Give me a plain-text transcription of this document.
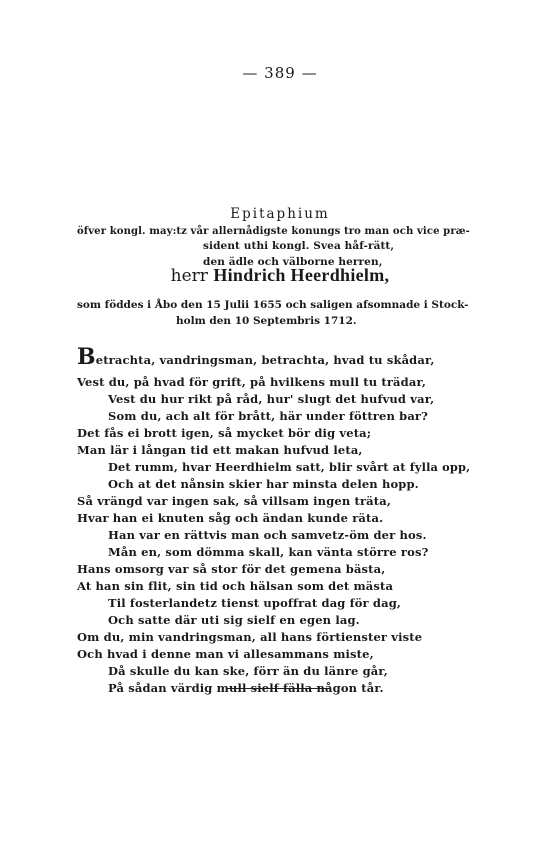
— 389 —
Epitaphium
öfver kongl. may:tz vår allernådigste konungs tro man och vice præ-
sident uthi kongl. Svea håf-rätt,
den ädle och välborne herren,
herr Hindrich Heerdhielm,
som föddes i Åbo den 15 Julii 1655 och saligen afsomnade i Stock-
holm den 10 Septembris 1712.
Betrachta, vandringsman, betrachta, hvad tu skådar,
Vest du, på hvad för grift, på hvilkens mull tu trädar,
Vest du hur rikt på råd, hur' slugt det hufvud var,
Som du, ach alt för brått, här under föttren bar?
Det fås ei brott igen, så mycket bör dig veta;
Man lär i långan tid ett makan hufvud leta,
Det rumm, hvar Heerdhielm satt, blir svårt at fylla opp,
Och at det nånsin skier har minsta delen hopp.
Så vrängd var ingen sak, så villsam ingen träta,
Hvar han ei knuten såg och ändan kunde räta.
Han var en rättvis man och samvetz-öm der hos.
Mån en, som dömma skall, kan vänta större ros?
Hans omsorg var så stor för det gemena bästa,
At han sin flit, sin tid och hälsan som det mästa
Til fosterlandetz tienst upoffrat dag för dag,
Och satte där uti sig sielf en egen lag.
Om du, min vandringsman, all hans förtienster viste
Och hvad i denne man vi allesammans miste,
Då skulle du kan ske, förr än du länre går,
På sådan värdig mull sielf fälla någon tår.
